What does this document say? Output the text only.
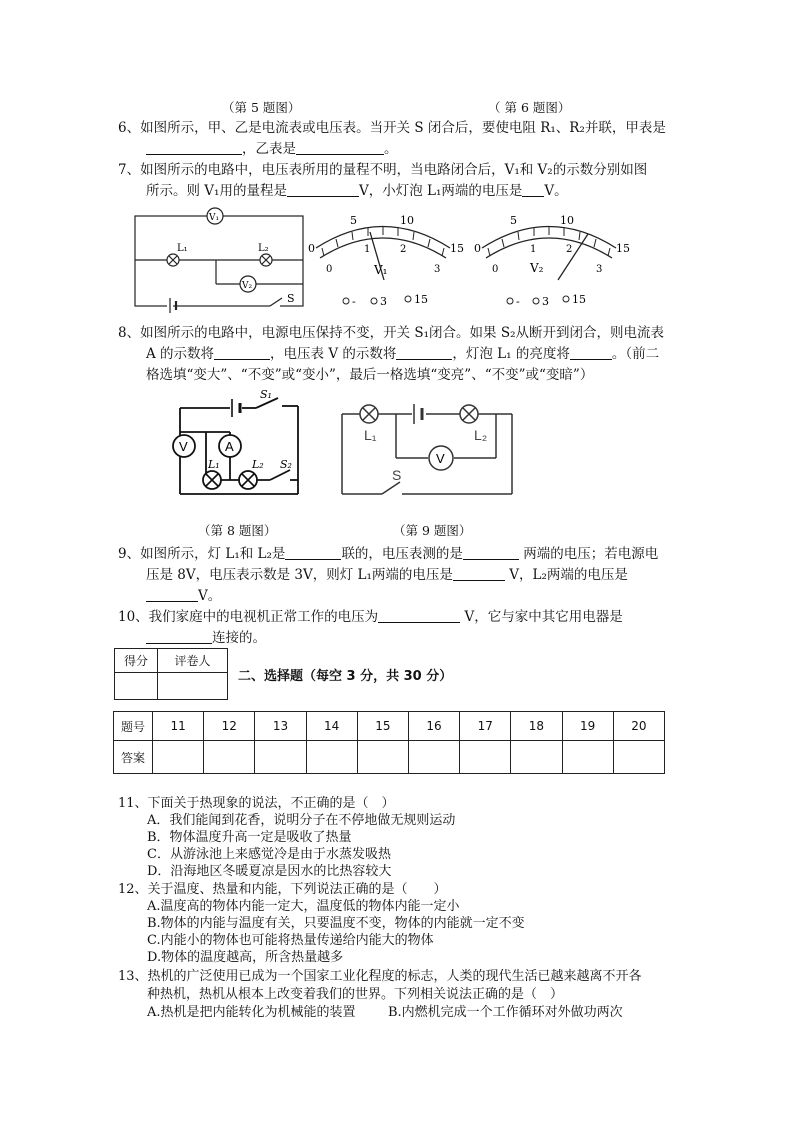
（第 5 题图）	（ 第 6 题图）
6、如图所示，甲、乙是电流表或电压表。当开关 S 闭合后，要使电阻 R₁、R₂并联，甲表是
，乙表是	。
7、如图所示的电路中，电压表所用的量程不明，当电路闭合后，V₁和 V₂的示数分别如图
所示。则 V₁用的量程是	V，小灯泡 L₁两端的电压是 V。
V₁
V₂
L₁	L₂
S
0
5	10
15
0
1	2
3
V₁
- 3 15
0
5	10
15
0
1	2
3
V₂
- 3 15
8、如图所示的电路中，电源电压保持不变，开关 S₁闭合。如果 S₂从断开到闭合，则电流表
A 的示数将	，电压表 V 的示数将	，灯泡 L₁ 的亮度将	。（前二
格选填“变大”、“不变”或“变小”，最后一格选填“变亮”、“不变”或“变暗”）
V	A
S₁
L₁	L₂ S₂	V
L₁	L₂
S
（第 8 题图）	（第 9 题图）
9、如图所示，灯 L₁和 L₂是	联的，电压表测的是	两端的电压；若电源电
压是 8V，电压表示数是 3V，则灯 L₁两端的电压是	V，L₂两端的电压是
V。
10、我们家庭中的电视机正常工作的电压为	V，它与家中其它用电器是
连接的。
得分	评卷人

二、选择题（每空 3 分，共 30 分）
题号	11	12	13	14	15	16	17	18	19	20
答案										
11、下面关于热现象的说法，不正确的是（　）
A．我们能闻到花香，说明分子在不停地做无规则运动
B．物体温度升高一定是吸收了热量
C．从游泳池上来感觉冷是由于水蒸发吸热
D．沿海地区冬暖夏凉是因水的比热容较大
12、关于温度、热量和内能，下列说法正确的是（　　）
A.温度高的物体内能一定大，温度低的物体内能一定小
B.物体的内能与温度有关，只要温度不变，物体的内能就一定不变
C.内能小的物体也可能将热量传递给内能大的物体
D.物体的温度越高，所含热量越多
13、热机的广泛使用已成为一个国家工业化程度的标志，人类的现代生活已越来越离不开各
种热机，热机从根本上改变着我们的世界。下列相关说法正确的是（　）
A.热机是把内能转化为机械能的装置 B.内燃机完成一个工作循环对外做功两次
